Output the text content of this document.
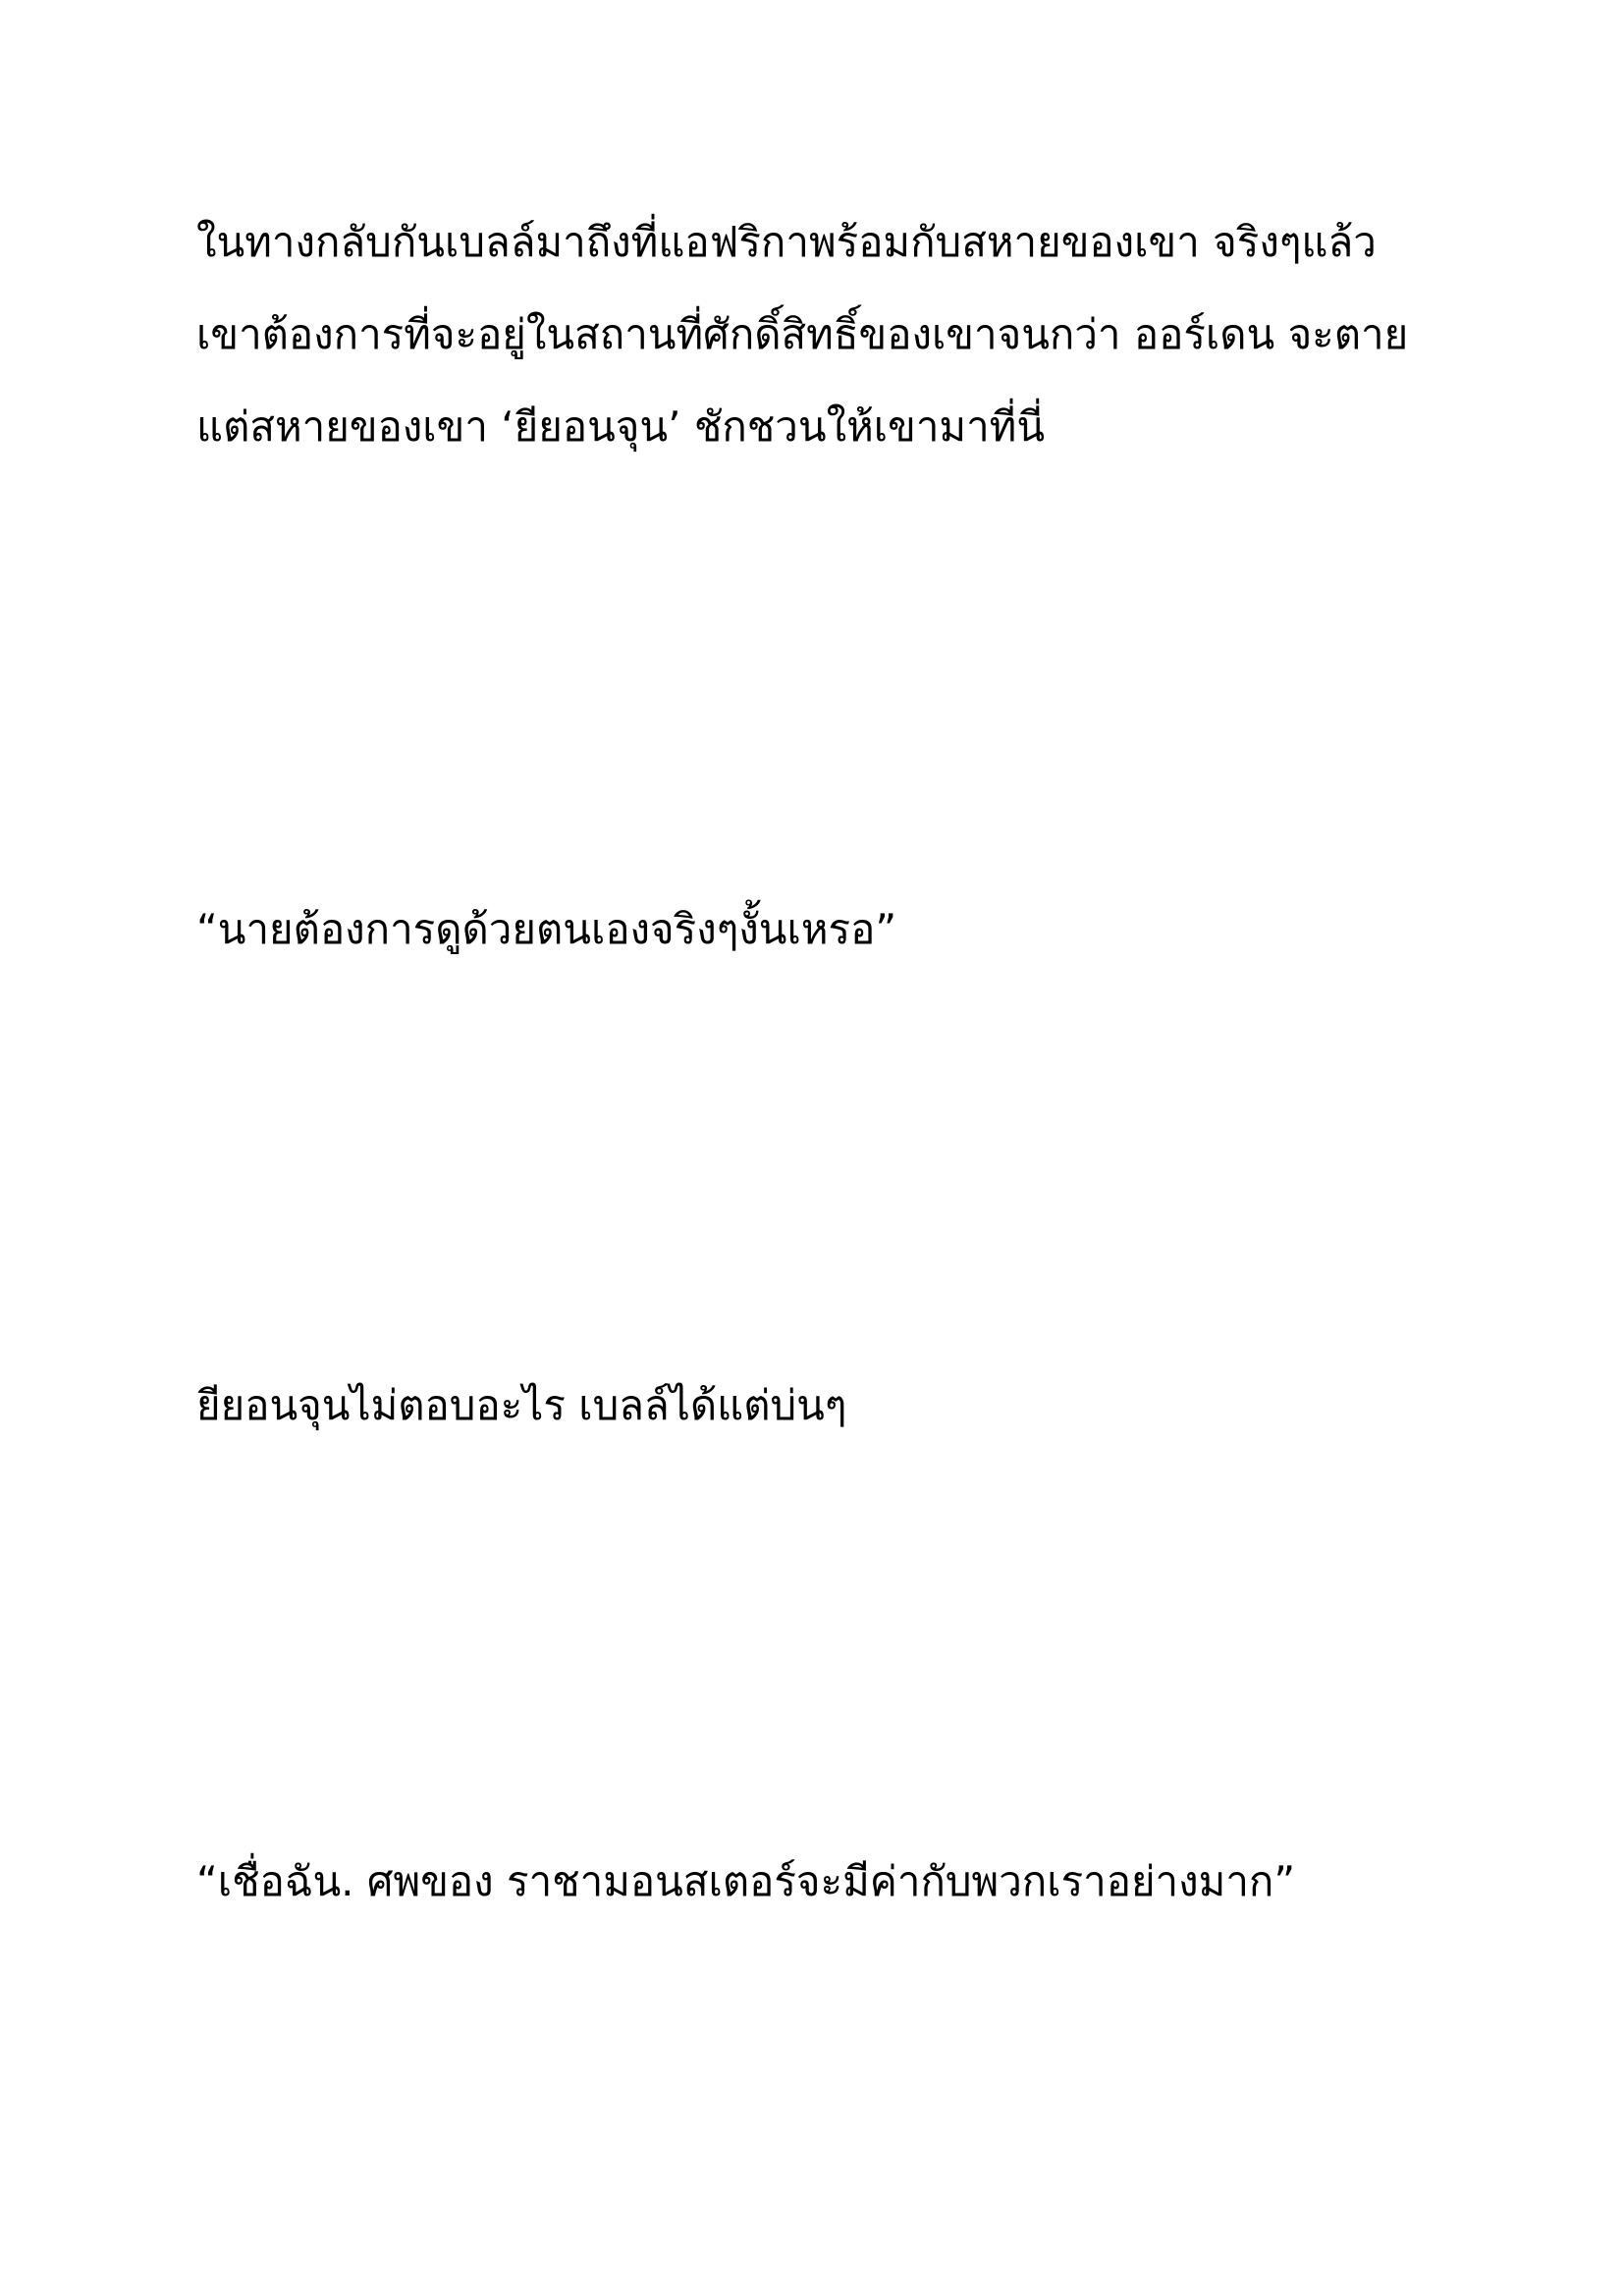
ในทางกลับกันเบลล์มาถึงที่แอฟริกาพร้อมกับสหายของเขา จริงๆแล้ว
เขาต้องการที่จะอยู่ในสถานที่ศักดิ์สิทธิ์ของเขาจนกว่า ออร์เดน จะตาย
แต่สหายของเขา ‘ยียอนจุน’ ชักชวนให้เขามาที่นี่

“นายต้องการดูด้วยตนเองจริงๆงั้นเหรอ”

ยียอนจุนไม่ตอบอะไร เบลล์ได้แต่บ่นๆ

“เชื่อฉัน. ศพของ ราชามอนสเตอร์จะมีค่ากับพวกเราอย่างมาก”
